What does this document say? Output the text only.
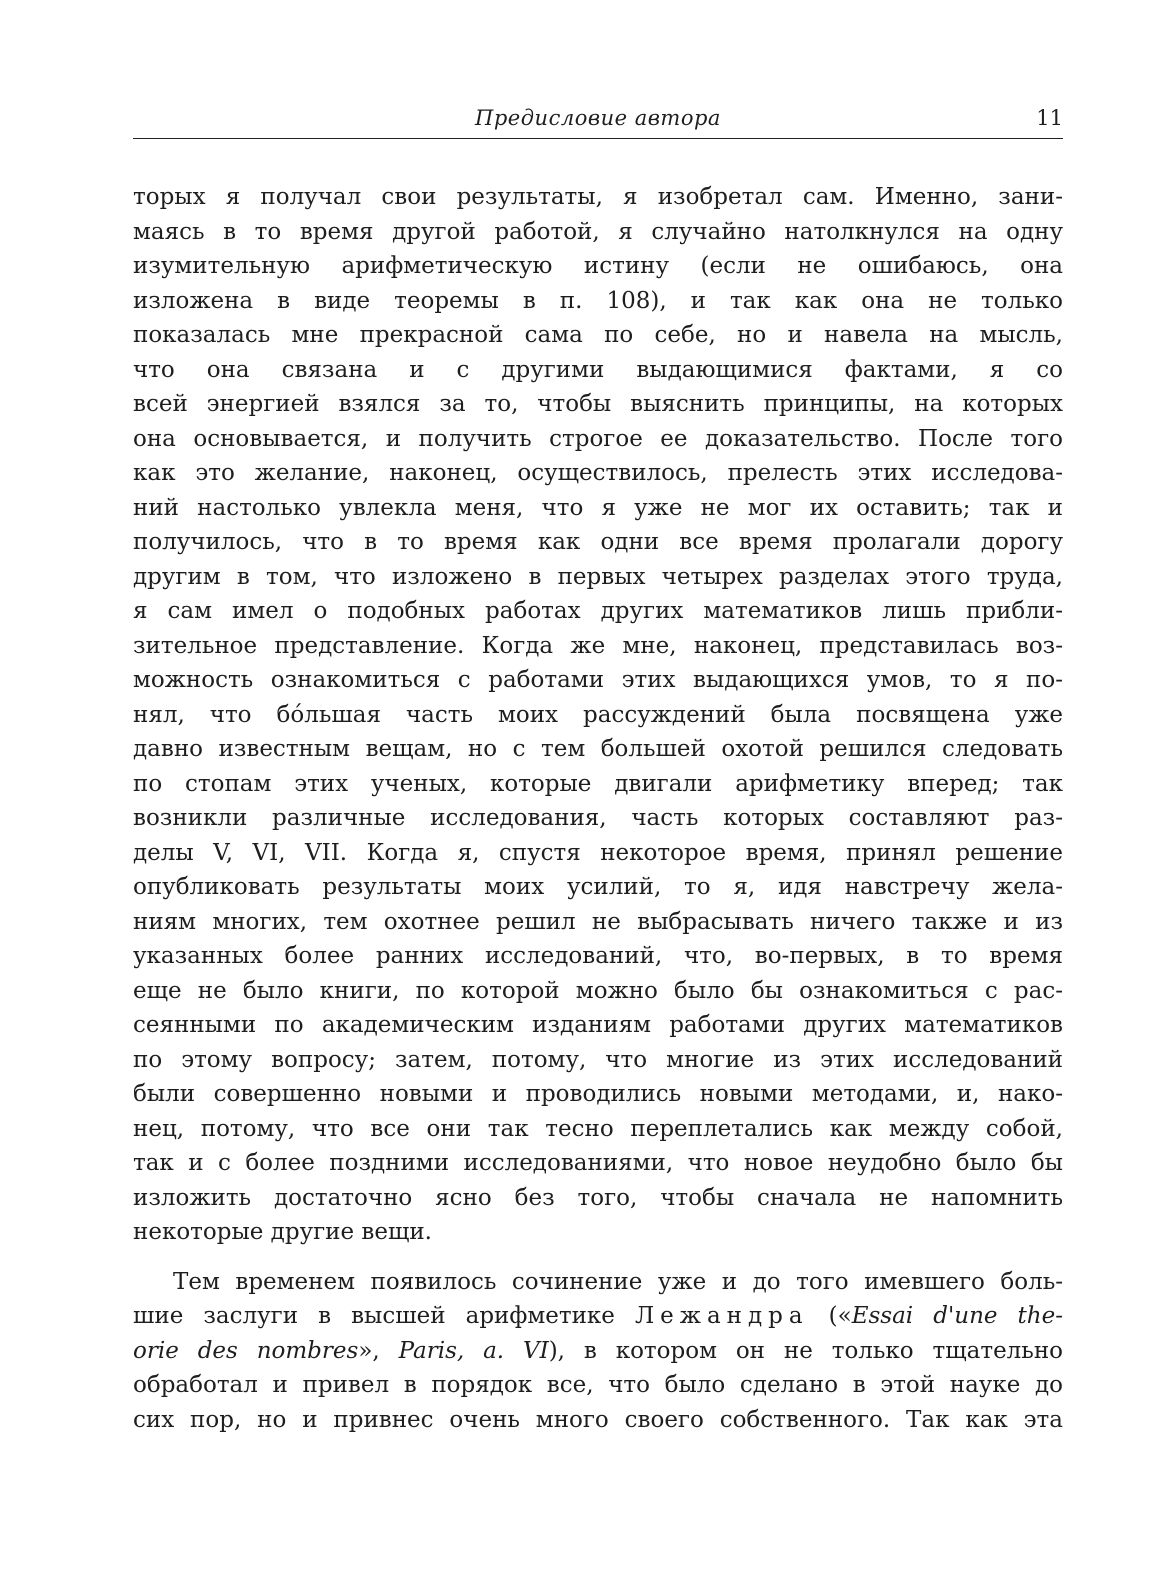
Предисловие автора	11
торых я получал свои результаты, я изобретал сам. Именно, зани-
маясь в то время другой работой, я случайно натолкнулся на одну
изумительную арифметическую истину (если не ошибаюсь, она
изложена в виде теоремы в п. 108), и так как она не только
показалась мне прекрасной сама по себе, но и навела на мысль,
что она связана и с другими выдающимися фактами, я со
всей энергией взялся за то, чтобы выяснить принципы, на которых
она основывается, и получить строгое ее доказательство. После того
как это желание, наконец, осуществилось, прелесть этих исследова-
ний настолько увлекла меня, что я уже не мог их оставить; так и
получилось, что в то время как одни все время пролагали дорогу
другим в том, что изложено в первых четырех разделах этого труда,
я сам имел о подобных работах других математиков лишь прибли-
зительное представление. Когда же мне, наконец, представилась воз-
можность ознакомиться с работами этих выдающихся умов, то я по-
нял, что бо́льшая часть моих рассуждений была посвящена уже
давно известным вещам, но с тем большей охотой решился следовать
по стопам этих ученых, которые двигали арифметику вперед; так
возникли различные исследования, часть которых составляют раз-
делы V, VI, VII. Когда я, спустя некоторое время, принял решение
опубликовать результаты моих усилий, то я, идя навстречу жела-
ниям многих, тем охотнее решил не выбрасывать ничего также и из
указанных более ранних исследований, что, во-первых, в то время
еще не было книги, по которой можно было бы ознакомиться с рас-
сеянными по академическим изданиям работами других математиков
по этому вопросу; затем, потому, что многие из этих исследований
были совершенно новыми и проводились новыми методами, и, нако-
нец, потому, что все они так тесно переплетались как между собой,
так и с более поздними исследованиями, что новое неудобно было бы
изложить достаточно ясно без того, чтобы сначала не напомнить
некоторые другие вещи.
Тем временем появилось сочинение уже и до того имевшего боль-
шие заслуги в высшей арифметике Лежандра («Essai d'une the-
orie des nombres», Paris, a. VI), в котором он не только тщательно
обработал и привел в порядок все, что было сделано в этой науке до
сих пор, но и привнес очень много своего собственного. Так как эта
